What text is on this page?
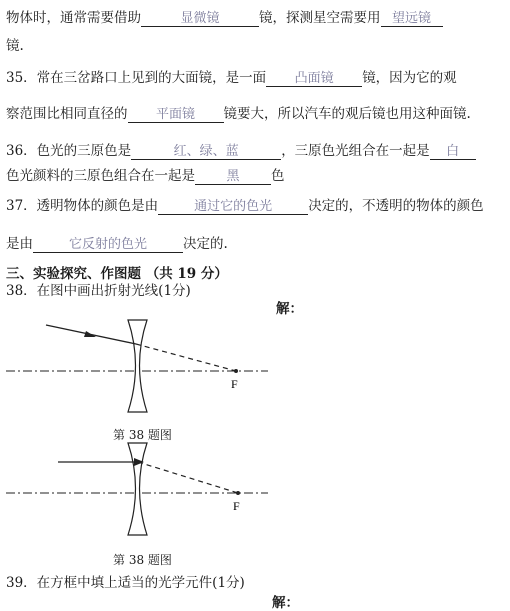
物体时，通常需要借助	显微镜	镜，探测星空需要用 望远镜
镜.
35．常在三岔路口上见到的大面镜，是一面 凸面镜 镜，因为它的观
察范围比相同直径的 平面镜 镜要大，所以汽车的观后镜也用这种面镜.
36．色光的三原色是	红、绿、蓝	，三原色光组合在一起是 白
色光颜料的三原色组合在一起是 黑 色
37．透明物体的颜色是由	通过它的色光	决定的，不透明的物体的颜色
是由	它反射的色光	决定的.
三、实验探究、作图题 （共 19 分）
38．在图中画出折射光线(1分)
解：
F
第 38 题图
F
第 38 题图
39．在方框中填上适当的光学元件(1分)
解：
